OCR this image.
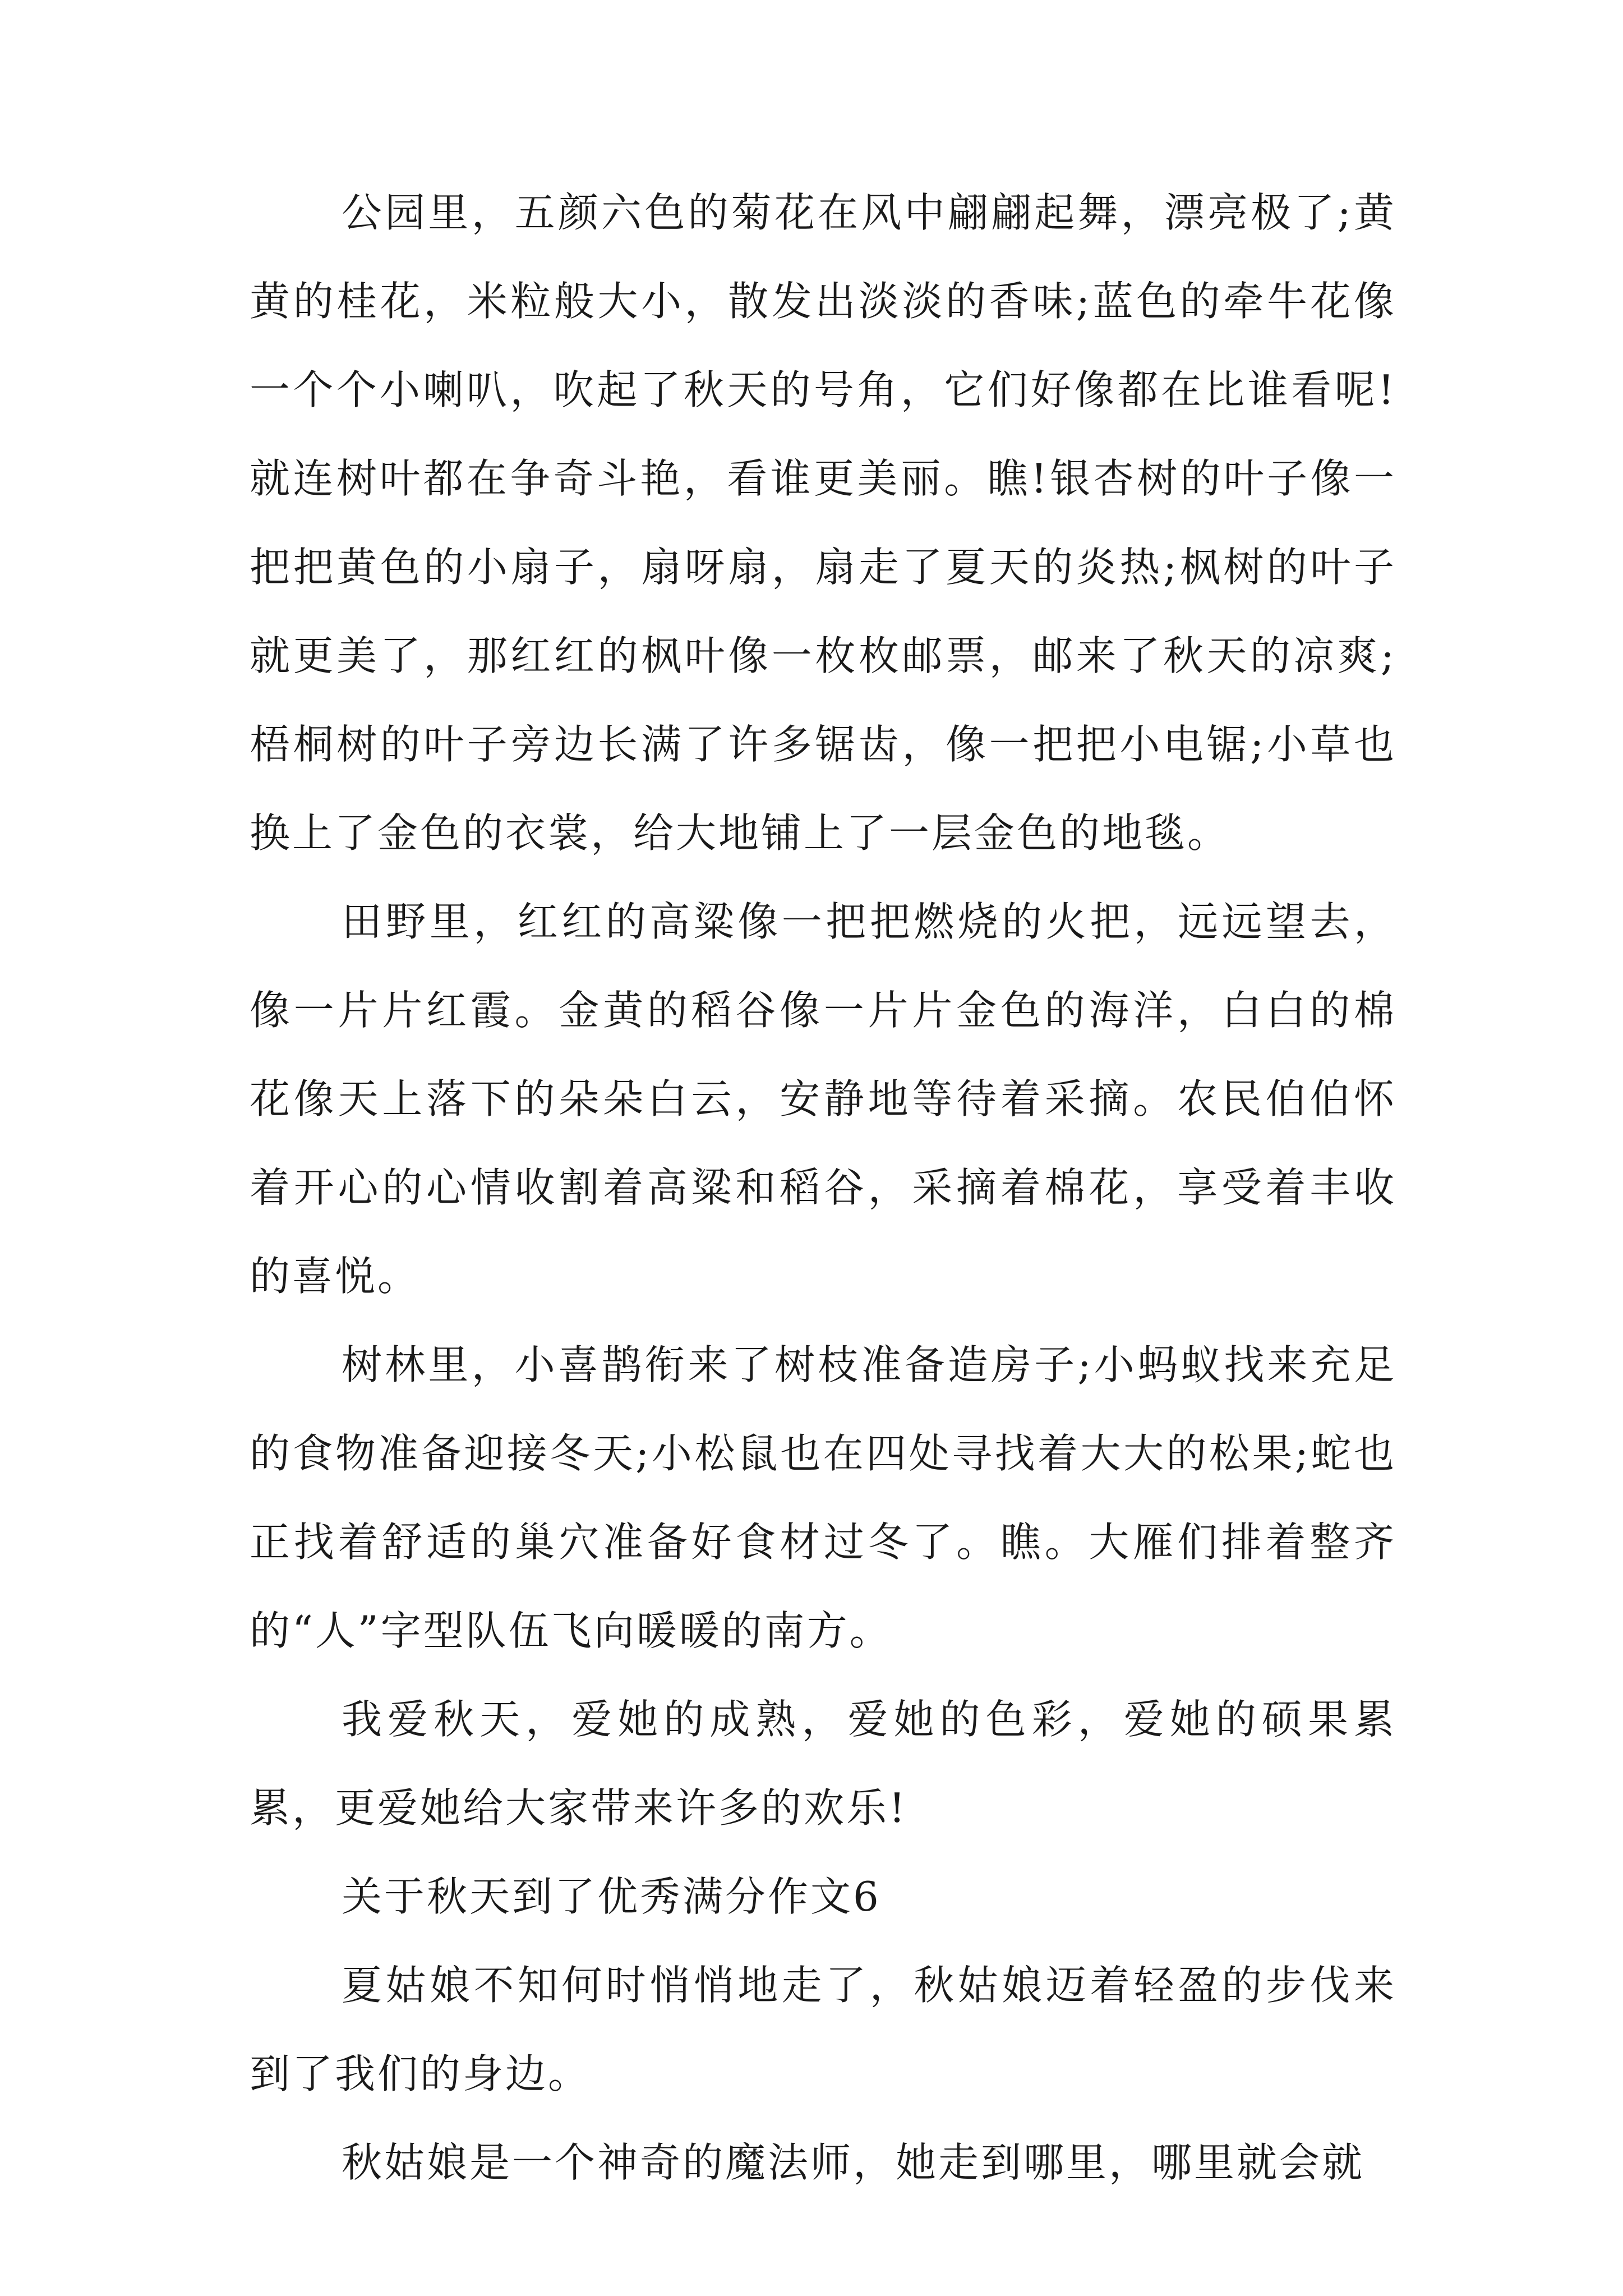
公园里，五颜六色的菊花在风中翩翩起舞，漂亮极了;黄黄的桂花，米粒般大小，散发出淡淡的香味;蓝色的牵牛花像一个个小喇叭，吹起了秋天的号角，它们好像都在比谁看呢!就连树叶都在争奇斗艳，看谁更美丽。瞧!银杏树的叶子像一把把黄色的小扇子，扇呀扇，扇走了夏天的炎热;枫树的叶子就更美了，那红红的枫叶像一枚枚邮票，邮来了秋天的凉爽;梧桐树的叶子旁边长满了许多锯齿，像一把把小电锯;小草也换上了金色的衣裳，给大地铺上了一层金色的地毯。

田野里，红红的高粱像一把把燃烧的火把，远远望去，像一片片红霞。金黄的稻谷像一片片金色的海洋，白白的棉花像天上落下的朵朵白云，安静地等待着采摘。农民伯伯怀着开心的心情收割着高粱和稻谷，采摘着棉花，享受着丰收的喜悦。

树林里，小喜鹊衔来了树枝准备造房子;小蚂蚁找来充足的食物准备迎接冬天;小松鼠也在四处寻找着大大的松果;蛇也正找着舒适的巢穴准备好食材过冬了。瞧。大雁们排着整齐的“人”字型队伍飞向暖暖的南方。

我爱秋天，爱她的成熟，爱她的色彩，爱她的硕果累累，更爱她给大家带来许多的欢乐!

关于秋天到了优秀满分作文6

夏姑娘不知何时悄悄地走了，秋姑娘迈着轻盈的步伐来到了我们的身边。

秋姑娘是一个神奇的魔法师，她走到哪里，哪里就会就
